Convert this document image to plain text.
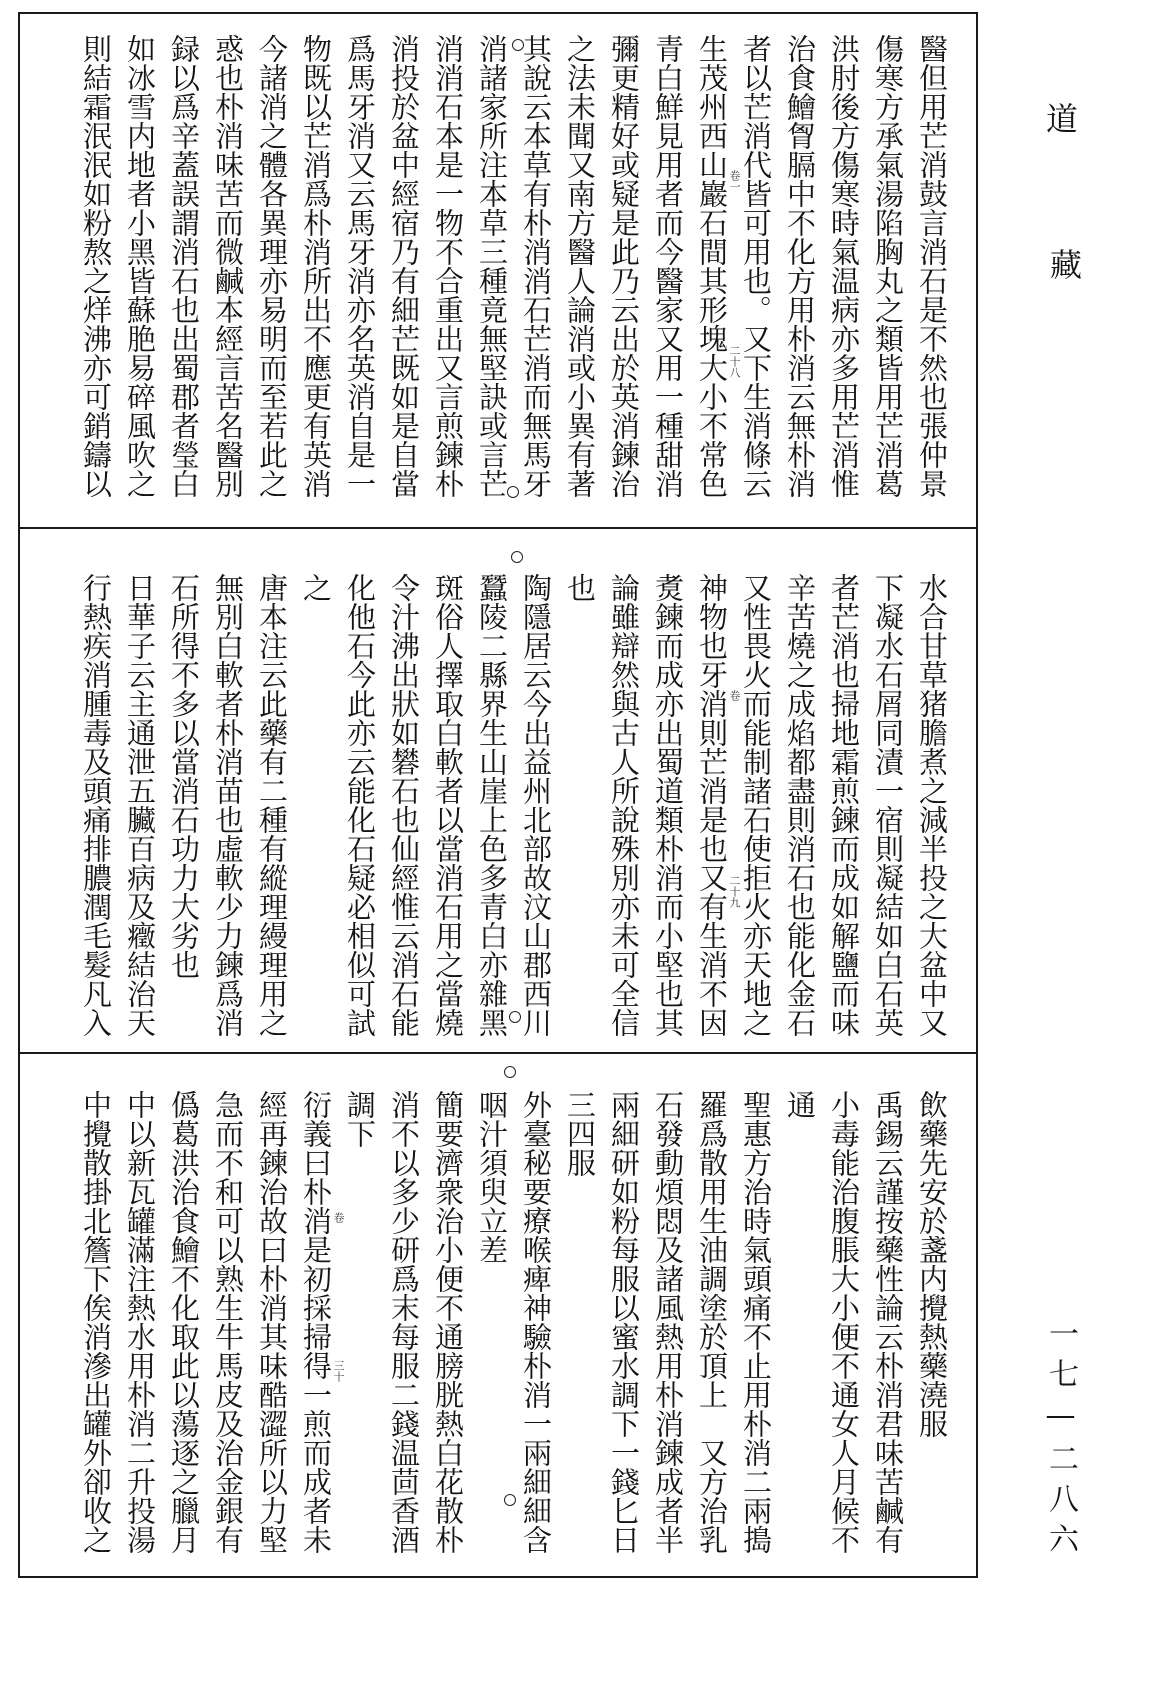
道
藏
一七—二八六
醫但用芒消鼓言消石是不然也張仲景
傷寒方承氣湯陷胸丸之類皆用芒消葛
洪肘後方傷寒時氣温病亦多用芒消惟
治食鱠胷膈中不化方用朴消云無朴消
者以芒消代皆可用也。又下生消條云
生茂州西山巖石間其形塊大小不常色
青白鮮見用者而今醫家又用一種甜消
彌更精好或疑是此乃云出於英消鍊治
之法未聞又南方醫人論消或小異有著
其說云本草有朴消消石芒消而無馬牙
消諸家所注本草三種竟無堅訣或言芒
消消石本是一物不合重出又言煎鍊朴
消投於盆中經宿乃有細芒既如是自當
爲馬牙消又云馬牙消亦名英消自是一
物既以芒消爲朴消所出不應更有英消
今諸消之體各異理亦易明而至若此之
惑也朴消味苦而微鹹本經言苦名醫別
録以爲辛蓋誤謂消石也出蜀郡者瑩白
如冰雪内地者小黑皆蘇脃易碎風吹之
則結霜泯泯如粉熬之烊沸亦可銷鑄以	卷一
二十八
水合甘草猪膽煮之減半投之大盆中又
下凝水石屑同漬一宿則凝結如白石英
者芒消也掃地霜煎鍊而成如解鹽而味
辛苦燒之成焰都盡則消石也能化金石
又性畏火而能制諸石使拒火亦天地之
神物也牙消則芒消是也又有生消不因
煑鍊而成亦出蜀道類朴消而小堅也其
論雖辯然與古人所說殊別亦未可全信
也
陶隱居云今出益州北部故汶山郡西川
蠶陵二縣界生山崖上色多青白亦雜黑
斑俗人擇取白軟者以當消石用之當燒
令汁沸出狀如礬石也仙經惟云消石能
化他石今此亦云能化石疑必相似可試
之
唐本注云此藥有二種有縱理縵理用之
無別白軟者朴消苗也虛軟少力鍊爲消
石所得不多以當消石功力大劣也
日華子云主通泄五臟百病及癥結治天
行熱疾消腫毒及頭痛排膿潤毛髮凡入	卷
二十九
飲藥先安於盞内攪熱藥澆服
禹錫云謹按藥性論云朴消君味苦鹹有
小毒能治腹脹大小便不通女人月候不
通
聖惠方治時氣頭痛不止用朴消二兩搗
羅爲散用生油調塗於頂上　又方治乳
石發動煩悶及諸風熱用朴消鍊成者半
兩細研如粉每服以蜜水調下一錢匕日
三四服
外臺秘要療喉痺神驗朴消一兩細細含
咽汁須臾立差
簡要濟衆治小便不通膀胱熱白花散朴
消不以多少研爲末每服二錢温茴香酒
調下
衍義曰朴消是初採掃得一煎而成者未
經再鍊治故曰朴消其味酷澀所以力堅
急而不和可以熟生牛馬皮及治金銀有
僞葛洪治食鱠不化取此以蕩逐之臘月
中以新瓦罐滿注熱水用朴消二升投湯
中攪散掛北簷下俟消滲出罐外卻收之	卷
三十
